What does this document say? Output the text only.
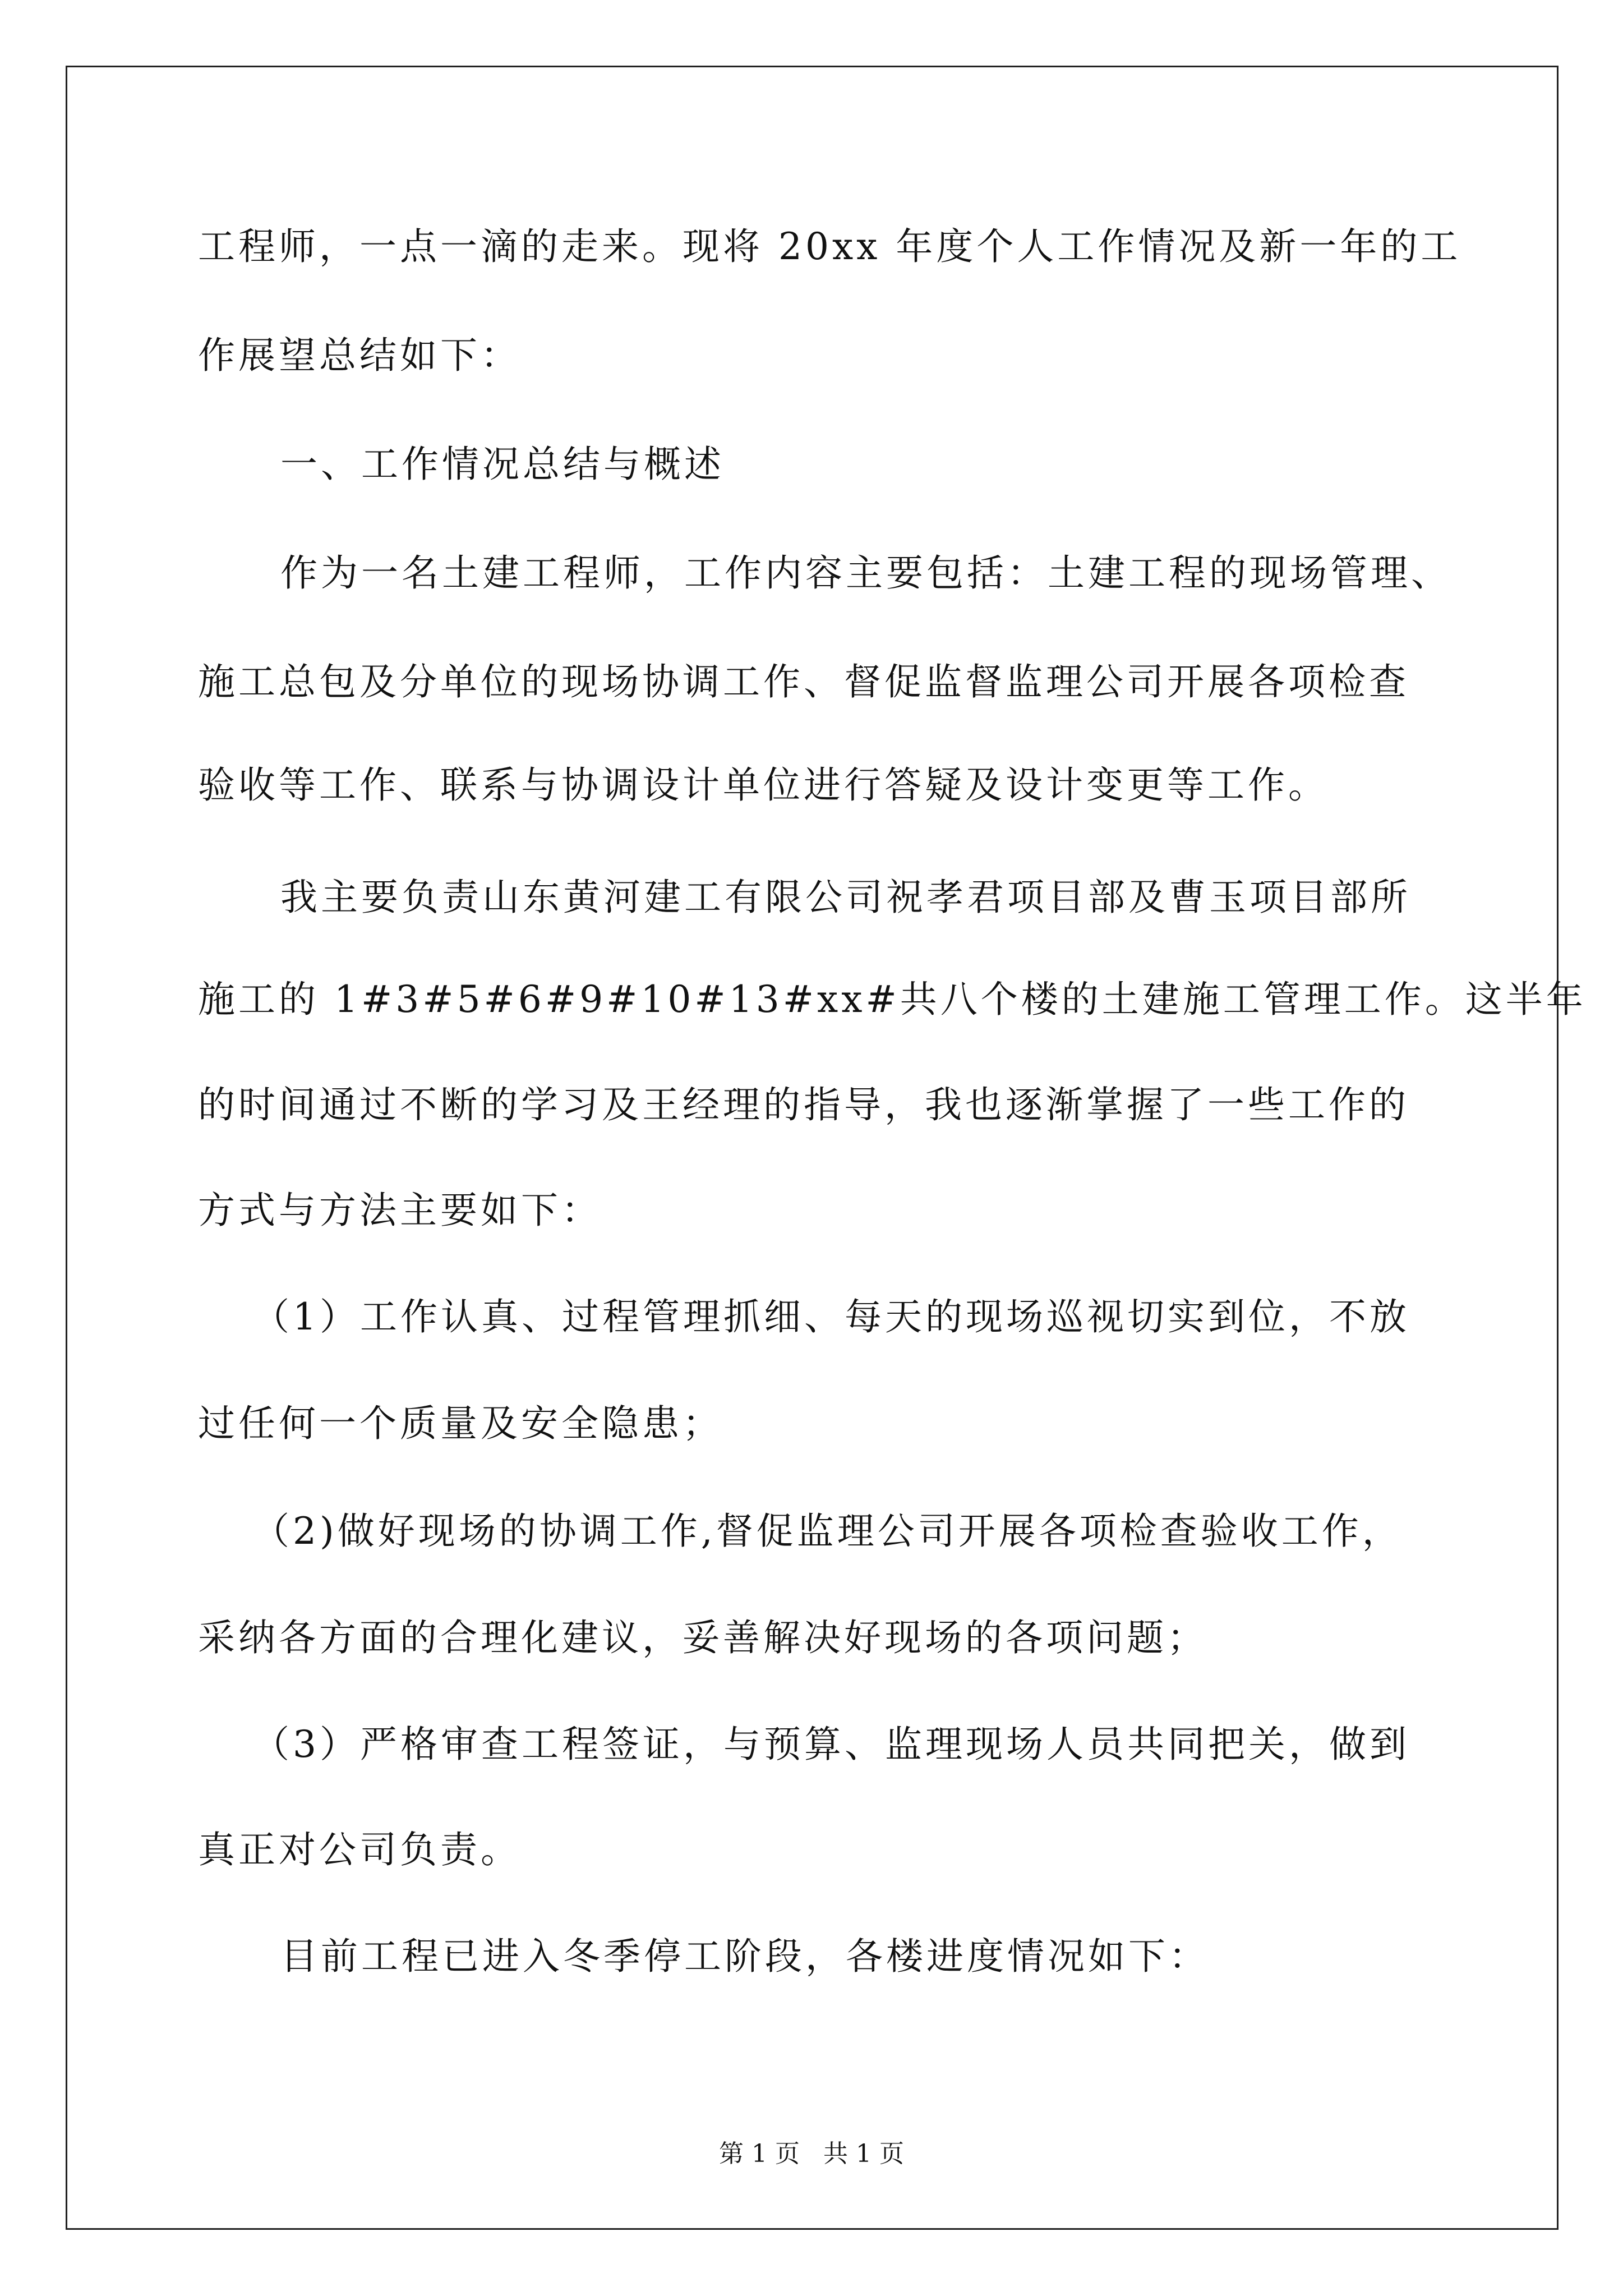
工程师，一点一滴的走来。现将 20xx 年度个人工作情况及新一年的工
作展望总结如下：
一、工作情况总结与概述
作为一名土建工程师，工作内容主要包括：土建工程的现场管理、
施工总包及分单位的现场协调工作、督促监督监理公司开展各项检查
验收等工作、联系与协调设计单位进行答疑及设计变更等工作。
我主要负责山东黄河建工有限公司祝孝君项目部及曹玉项目部所
施工的 1#3#5#6#9#10#13#xx#共八个楼的土建施工管理工作。这半年
的时间通过不断的学习及王经理的指导，我也逐渐掌握了一些工作的
方式与方法主要如下：
（1）工作认真、过程管理抓细、每天的现场巡视切实到位，不放
过任何一个质量及安全隐患；
（2)做好现场的协调工作,督促监理公司开展各项检查验收工作，
采纳各方面的合理化建议，妥善解决好现场的各项问题；
（3）严格审查工程签证，与预算、监理现场人员共同把关，做到
真正对公司负责。
目前工程已进入冬季停工阶段，各楼进度情况如下：
第 1 页   共 1 页
